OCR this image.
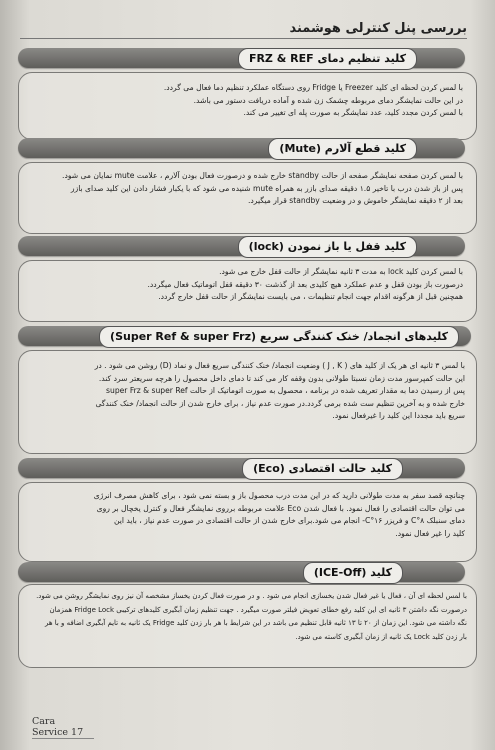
بررسی پنل کنترلی هوشمند
کلید تنظیم دمای FRZ & REF
با لمس کردن لحظه ای کلید Freezer یا Fridge روی دستگاه عملکرد تنظیم دما فعال می گردد.
در این حالت نمایشگر دمای مربوطه چشمک زن شده و آماده دریافت دستور می باشد.
با لمس کردن مجدد کلید، عدد نمایشگر به صورت پله ای تغییر می کند.
کلید قطع آلارم (Mute)
با لمس کردن صفحه نمایشگر صفحه از حالت standby خارج شده و درصورت فعال بودن آلارم ، علامت mute نمایان می شود.
پس از باز شدن درب با تاخیر ۱.۵ دقیقه صدای بازر به همراه mute شنیده می شود که با یکبار فشار دادن این کلید صدای بازر
بعد از ۲ دقیقه نمایشگر خاموش و در وضعیت standby قرار میگیرد.
کلید قفل یا باز نمودن (lock)
با لمس کردن کلید lock به مدت ۳ ثانیه نمایشگر از حالت قفل خارج می شود.
درصورت باز بودن قفل و عدم عملکرد هیچ کلیدی بعد از گذشت ۳۰ دقیقه قفل اتوماتیک فعال میگردد.
همچنین قبل از هرگونه اقدام جهت انجام تنظیمات ، می بایست نمایشگر از حالت قفل خارج گردد.
کلیدهای انجماد/ خنک کنندگی سریع (Super Ref & super Frz)
با لمس ۳ ثانیه ای هر یک از کلید های ( J , K ) وضعیت انجماد/ خنک کنندگی سریع فعال و نماد (D) روشن می شود . در
این حالت کمپرسور مدت زمان نسبتا طولانی بدون وقفه کار می کند تا دمای داخل محصول را هرچه سریعتر سرد کند.
پس از رسیدن دما به مقدار تعریف شده در برنامه ، محصول به صورت اتوماتیک از حالت super Frz & super Ref
خارج شده و به آخرین تنظیم ست شده برمی گردد.در صورت عدم نیاز ، برای خارج شدن از حالت انجماد/ خنک کنندگی
سریع باید مجددا این کلید را غیرفعال نمود.
کلید حالت اقتصادی (Eco)
چنانچه قصد سفر به مدت طولانی دارید که در این مدت درب محصول باز و بسته نمی شود ، برای کاهش مصرف انرژی
می توان حالت اقتصادی را فعال نمود. با فعال شدن Eco علامت مربوطه برروی نمایشگر فعال و کنترل یخچال بر روی
دمای سنبلک ۸°C و فریزر ۱۶°C- انجام می شود.برای خارج شدن از حالت اقتصادی در صورت عدم نیاز ، باید این
کلید را غیر فعال نمود.
کلید (ICE-Off)
با لمس لحظه ای آن ، فعال یا غیر فعال شدن یخسازی انجام می شود . و در صورت فعال کردن یخساز مشخصه آن نیز روی نمایشگر روشن می شود.
درصورت نگه داشتن ۳ ثانیه ای این کلید رفع خطای تعویض فیلتر صورت میگیرد . جهت تنظیم زمان آبگیری کلیدهای ترکیبی Fridge Lock همزمان
نگه داشته می شود. این زمان از ۲۰ تا ۱۳ ثانیه قابل تنظیم می باشد در این شرایط با هر بار زدن کلید Fridge یک ثانیه به تایم آبگیری اضافه و با هر
بار زدن کلید Lock یک ثانیه از زمان آبگیری کاسته می شود.
Cara Service 17
